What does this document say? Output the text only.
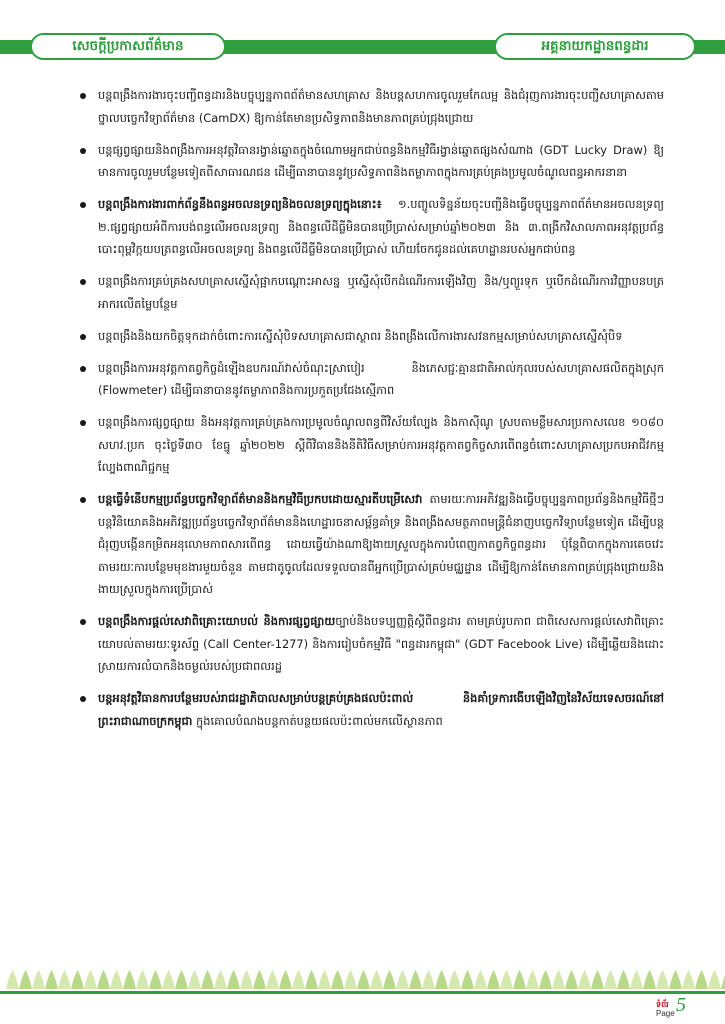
សេចក្តីប្រកាសព័ត៌មាន	អគ្គនាយកដ្ឋានពន្ធដារ
បន្តពង្រឹងការងារចុះបញ្ជីពន្ធដារនិងបច្ចុប្បន្នភាពព័ត៌មានសហគ្រាស និងបន្តសហការចូលរួមកែលម្អ និងជំរុញការងារចុះបញ្ជីសហគ្រាសតាមថ្នាលបច្ចេកវិទ្យាព័ត៌មាន (CamDX) ឱ្យកាន់តែមានប្រសិទ្ធភាពនិងមានភាពគ្រប់ជ្រុងជ្រោយ
បន្តផ្សព្វផ្សាយនិងពង្រឹងការអនុវត្តវិធានរង្វាន់ឆ្នោតក្នុងចំណោមអ្នកជាប់ពន្ធនិងកម្មវិធីរង្វាន់ឆ្នោតផ្សងសំណាង (GDT Lucky Draw) ឱ្យមានការចូលរួមបន្ថែមទៀតពីសាធារណជន ដើម្បីធានាបាននូវប្រសិទ្ធភាពនិងតម្លាភាពក្នុងការគ្រប់គ្រងប្រមូលចំណូលពន្ធអាករនានា
បន្តពង្រឹងការងារពាក់ព័ន្ធនឹងពន្ធអចលនទ្រព្យនិងចលនទ្រព្យក្នុងនោះ៖ ១.បញ្ចូលទិន្នន័យចុះបញ្ជីនិងធ្វើបច្ចុប្បន្នភាពព័ត៌មានអចលនទ្រព្យ ២.ផ្សព្វផ្សាយអំពីការបង់ពន្ធលើអចលនទ្រព្យ និងពន្ធលើដីធ្លីមិនបានប្រើប្រាស់សម្រាប់ឆ្នាំ២០២៣ និង ៣.ពង្រីកវិសាលភាពអនុវត្តប្រព័ន្ធបោះពុម្ពវិក្កយបត្រពន្ធលើអចលនទ្រព្យ និងពន្ធលើដីធ្លីមិនបានប្រើប្រាស់ ហើយចែកជូនដល់គេហដ្ឋានរបស់អ្នកជាប់ពន្ធ
បន្តពង្រឹងការគ្រប់គ្រងសហគ្រាសស្នើសុំផ្អាកបណ្តោះអាសន្ន ឬស្នើសុំបើកដំណើរការឡើងវិញ និង/ឬព្យួរទុក ឬបើកដំណើរការវិញ្ញាបនបត្រអាករលើតម្លៃបន្ថែម
បន្តពង្រឹងនិងយកចិត្តទុកដាក់ចំពោះការស្នើសុំបិទសហគ្រាសជាស្ថាពរ និងពង្រឹងលើការងារសវនកម្មសម្រាប់សហគ្រាសស្នើសុំបិទ
បន្តពង្រឹងការអនុវត្តកាតព្វកិច្ចដំឡើងឧបករណ៍វាស់ចំណុះស្រាបៀរ និងភេសជ្ជៈគ្មានជាតិអាល់កុលរបស់សហគ្រាសផលិតក្នុងស្រុក (Flowmeter) ដើម្បីធានាបាននូវតម្លាភាពនិងការប្រកួតប្រជែងស្មើភាព
បន្តពង្រឹងការផ្សព្វផ្សាយ និងអនុវត្តការគ្រប់គ្រងការប្រមូលចំណូលពន្ធពីវិស័យល្បែង និងកាស៊ីណូ ស្របតាមខ្លឹមសារប្រកាសលេខ ១០៨០ សហវ.ប្រក ចុះថ្ងៃទី៣០ ខែធ្នូ ឆ្នាំ២០២២ ស្តីពីវិធាននិងនីតិវិធីសម្រាប់ការអនុវត្តកាតព្វកិច្ចសារពើពន្ធចំពោះសហគ្រាសប្រកបអាជីវកម្មល្បែងពាណិជ្ជកម្ម
បន្តធ្វើទំនើបកម្មប្រព័ន្ធបច្ចេកវិទ្យាព័ត៌មាននិងកម្មវិធីប្រកបដោយស្មារតីបម្រើសេវា តាមរយៈការអភិវឌ្ឍនិងធ្វើបច្ចុប្បន្នភាពប្រព័ន្ធនិងកម្មវិធីថ្មីៗ បន្តវិនិយោគនិងអភិវឌ្ឍប្រព័ន្ធបច្ចេកវិទ្យាព័ត៌មាននិងហេដ្ឋារចនាសម្ព័ន្ធគាំទ្រ និងពង្រឹងសមត្ថភាពមន្ត្រីជំនាញបច្ចេកវិទ្យាបន្ថែមទៀត ដើម្បីបន្តជំរុញបង្កើនកម្រិតអនុលោមភាពសារពើពន្ធ ដោយធ្វើយ៉ាងណាឱ្យងាយស្រួលក្នុងការបំពេញកាតព្វកិច្ចពន្ធដារ ប៉ុន្តែពិបាកក្នុងការគេចវេះ តាមរយៈការបន្ថែមមុខងារមួយចំនួន តាមជាតូចូលដែលទទួលបានពីអ្នកប្រើប្រាស់គ្រប់មជ្ឈដ្ឋាន ដើម្បីឱ្យកាន់តែមានភាពគ្រប់ជ្រុងជ្រោយនិងងាយស្រួលក្នុងការប្រើប្រាស់
បន្តពង្រឹងការផ្តល់សេវាពិគ្រោះយោបល់ និងការផ្សព្វផ្សាយច្បាប់និងបទប្បញ្ញត្តិស្តីពីពន្ធដារ តាមគ្រប់រូបភាព ជាពិសេសការផ្តល់សេវាពិគ្រោះយោបល់តាមរយៈទូរស័ព្ទ (Call Center-1277) និងការរៀបចំកម្មវិធី "ពន្ធដារកម្ពុជា" (GDT Facebook Live) ដើម្បីឆ្លើយនិងដោះស្រាយការលំបាកនិងចម្ងល់របស់ប្រជាពលរដ្ឋ
បន្តអនុវត្តវិធានការបន្ថែមរបស់រាជរដ្ឋាភិបាលសម្រាប់បន្តគ្រប់គ្រងផលប៉ះពាល់ និងគាំទ្រការងើបឡើងវិញនៃវិស័យទេសចរណ៍នៅព្រះរាជាណាចក្រកម្ពុជា ក្នុងគោលបំណងបន្តកាត់បន្ថយផលប៉ះពាល់មកលើស្ថានភាព
ទំព័រ
Page 5
